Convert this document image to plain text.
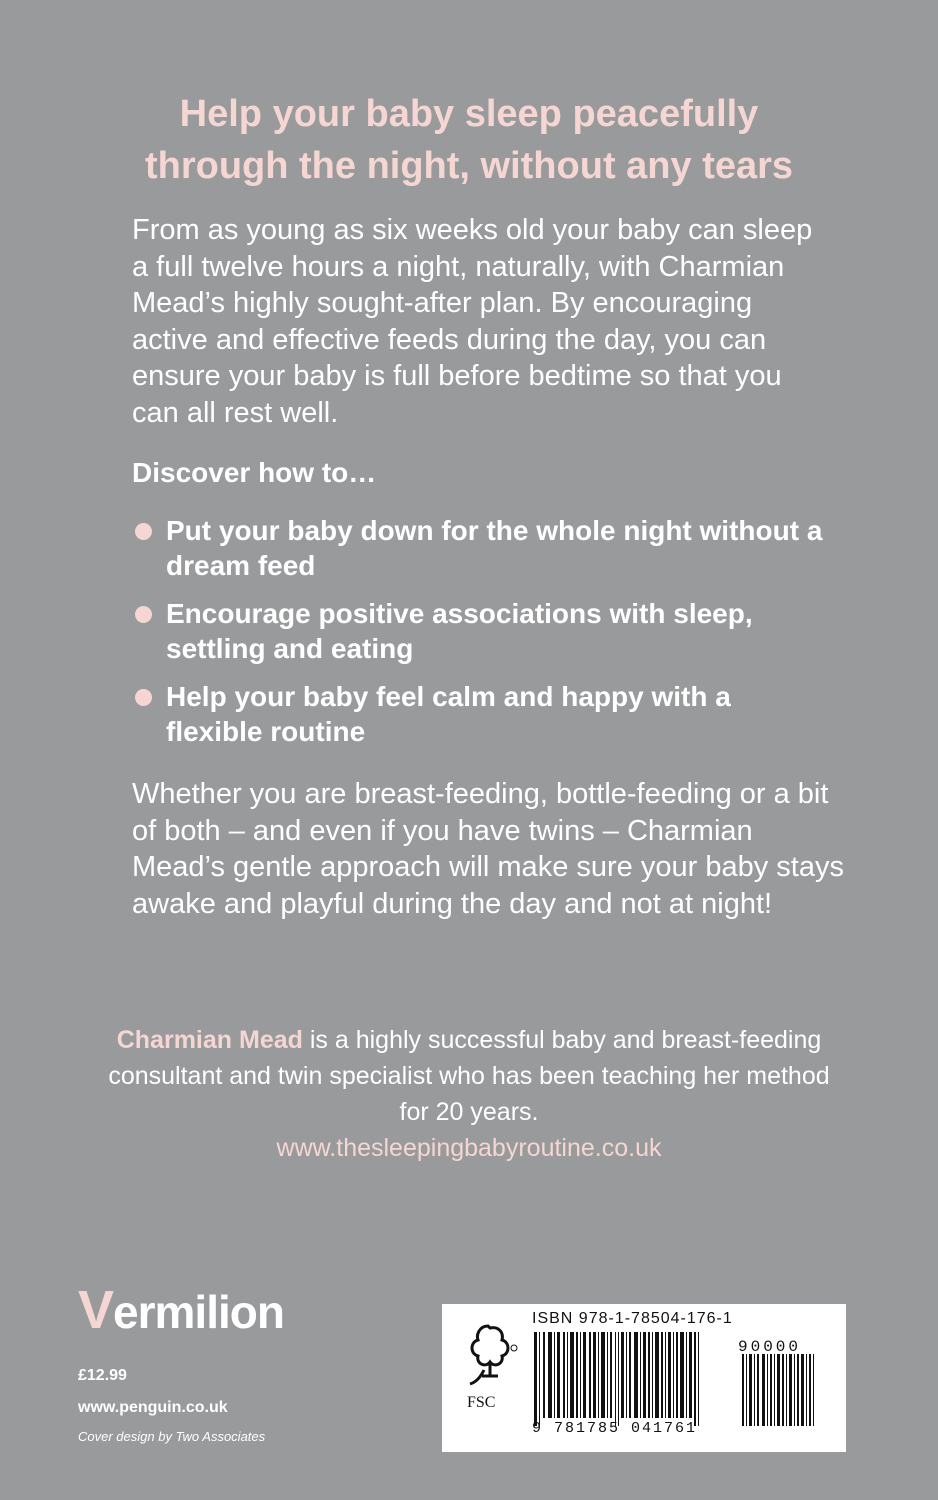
Help your baby sleep peacefully
through the night, without any tears

From as young as six weeks old your baby can sleep a full twelve hours a night, naturally, with Charmian Mead’s highly sought-after plan. By encouraging active and effective feeds during the day, you can ensure your baby is full before bedtime so that you can all rest well.

Discover how to…

Put your baby down for the whole night without a dream feed
Encourage positive associations with sleep, settling and eating
Help your baby feel calm and happy with a flexible routine

Whether you are breast-feeding, bottle-feeding or a bit of both – and even if you have twins – Charmian Mead’s gentle approach will make sure your baby stays awake and playful during the day and not at night!

Charmian Mead is a highly successful baby and breast-feeding consultant and twin specialist who has been teaching her method for 20 years.
www.thesleepingbabyroutine.co.uk

Vermilion
£12.99
www.penguin.co.uk
Cover design by Two Associates
ISBN 978-1-78504-176-1
90000
9 781785 041761
FSC
